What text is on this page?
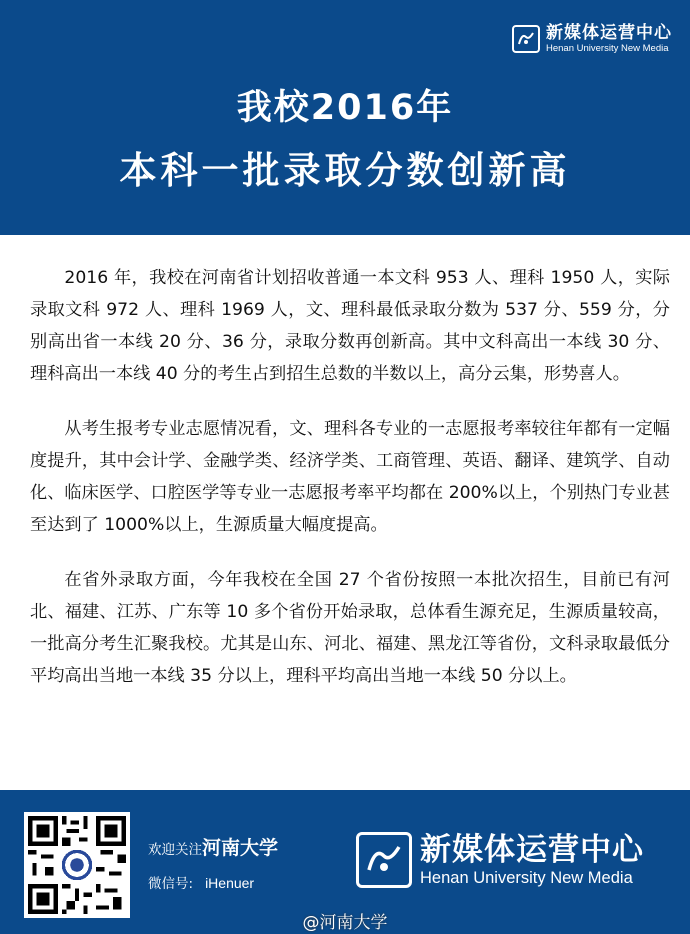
新媒体运营中心
Henan University New Media
我校2016年
本科一批录取分数创新高

2016 年，我校在河南省计划招收普通一本文科 953 人、理科 1950 人，实际录取文科 972 人、理科 1969 人，文、理科最低录取分数为 537 分、559 分，分别高出省一本线 20 分、36 分，录取分数再创新高。其中文科高出一本线 30 分、理科高出一本线 40 分的考生占到招生总数的半数以上，高分云集，形势喜人。

从考生报考专业志愿情况看，文、理科各专业的一志愿报考率较往年都有一定幅度提升，其中会计学、金融学类、经济学类、工商管理、英语、翻译、建筑学、自动化、临床医学、口腔医学等专业一志愿报考率平均都在 200%以上，个别热门专业甚至达到了 1000%以上，生源质量大幅度提高。

在省外录取方面，今年我校在全国 27 个省份按照一本批次招生，目前已有河北、福建、江苏、广东等 10 多个省份开始录取，总体看生源充足，生源质量较高，一批高分考生汇聚我校。尤其是山东、河北、福建、黑龙江等省份，文科录取最低分平均高出当地一本线 35 分以上，理科平均高出当地一本线 50 分以上。

欢迎关注河南大学
微信号: iHenuer
新媒体运营中心
Henan University New Media
@河南大学
